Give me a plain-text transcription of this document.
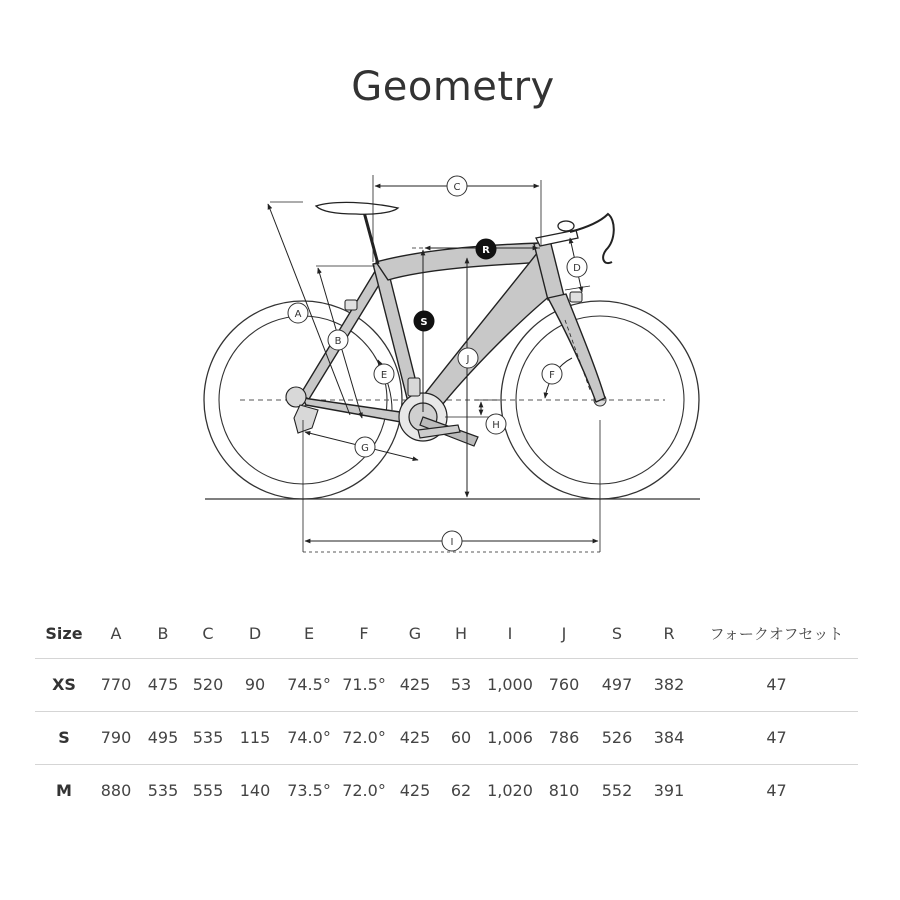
Geometry
C
A
B
E
S
R
J
D
F
H
G
I
Size	A	B	C	D	E	F	G	H	I	J	S	R	フォークオフセット
XS	770	475	520	90	74.5°	71.5°	425	53	1,000	760	497	382	47
S	790	495	535	115	74.0°	72.0°	425	60	1,006	786	526	384	47
M	880	535	555	140	73.5°	72.0°	425	62	1,020	810	552	391	47
